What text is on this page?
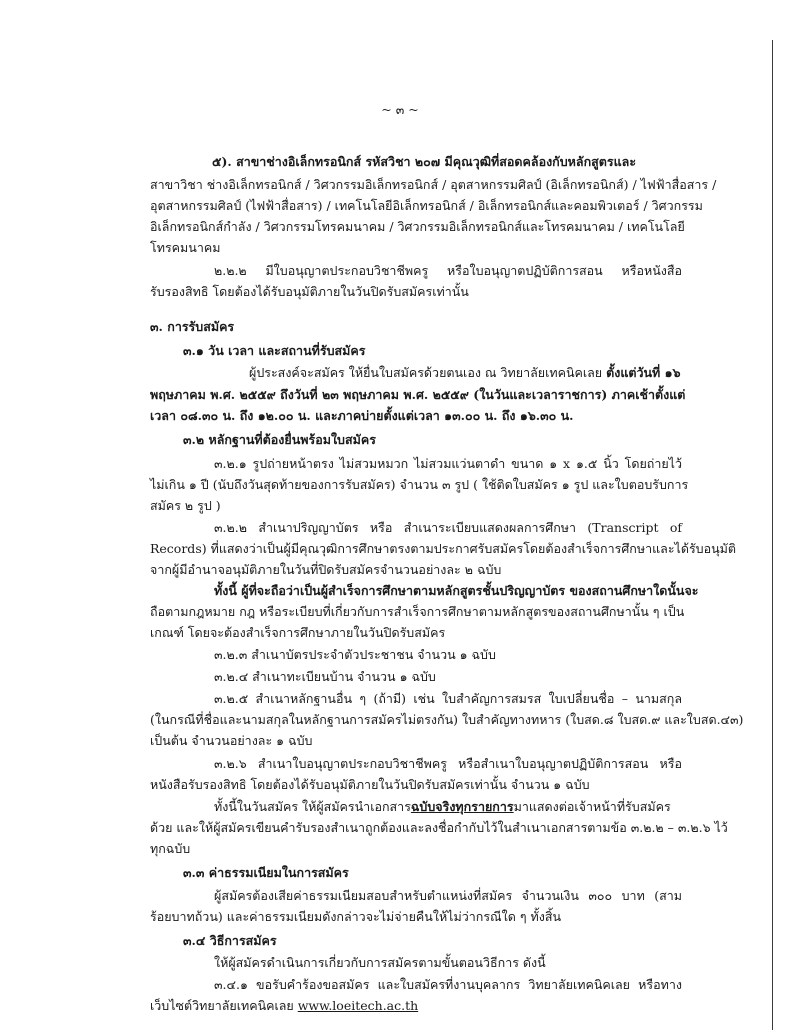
~ ๓ ~
๕). สาขาช่างอิเล็กทรอนิกส์ รหัสวิชา ๒๐๗ มีคุณวุฒิที่สอดคล้องกับหลักสูตรและ
สาขาวิชา ช่างอิเล็กทรอนิกส์ / วิศวกรรมอิเล็กทรอนิกส์ / อุตสาหกรรมศิลป์ (อิเล็กทรอนิกส์) / ไฟฟ้าสื่อสาร /
อุตสาหกรรมศิลป์ (ไฟฟ้าสื่อสาร) / เทคโนโลยีอิเล็กทรอนิกส์ / อิเล็กทรอนิกส์และคอมพิวเตอร์ / วิศวกรรม
อิเล็กทรอนิกส์กำลัง / วิศวกรรมโทรคมนาคม / วิศวกรรมอิเล็กทรอนิกส์และโทรคมนาคม / เทคโนโลยี
โทรคมนาคม
๒.๒.๒ มีใบอนุญาตประกอบวิชาชีพครู หรือใบอนุญาตปฏิบัติการสอน หรือหนังสือ
รับรองสิทธิ โดยต้องได้รับอนุมัติภายในวันปิดรับสมัครเท่านั้น
๓. การรับสมัคร
๓.๑ วัน เวลา และสถานที่รับสมัคร
ผู้ประสงค์จะสมัคร ให้ยื่นใบสมัครด้วยตนเอง ณ วิทยาลัยเทคนิคเลย ตั้งแต่วันที่ ๑๖
พฤษภาคม พ.ศ. ๒๕๕๙ ถึงวันที่ ๒๓ พฤษภาคม พ.ศ. ๒๕๕๙ (ในวันและเวลาราชการ) ภาคเช้าตั้งแต่
เวลา ๐๘.๓๐ น. ถึง ๑๒.๐๐ น. และภาคบ่ายตั้งแต่เวลา ๑๓.๐๐ น. ถึง ๑๖.๓๐ น.
๓.๒ หลักฐานที่ต้องยื่นพร้อมใบสมัคร
๓.๒.๑ รูปถ่ายหน้าตรง ไม่สวมหมวก ไม่สวมแว่นตาดำ ขนาด ๑ x ๑.๕ นิ้ว โดยถ่ายไว้
ไม่เกิน ๑ ปี (นับถึงวันสุดท้ายของการรับสมัคร) จำนวน ๓ รูป ( ใช้ติดใบสมัคร ๑ รูป และใบตอบรับการ
สมัคร ๒ รูป )
๓.๒.๒ สำเนาปริญญาบัตร หรือ สำเนาระเบียบแสดงผลการศึกษา (Transcript of
Records) ที่แสดงว่าเป็นผู้มีคุณวุฒิการศึกษาตรงตามประกาศรับสมัครโดยต้องสำเร็จการศึกษาและได้รับอนุมัติ
จากผู้มีอำนาจอนุมัติภายในวันที่ปิดรับสมัครจำนวนอย่างละ ๒ ฉบับ
ทั้งนี้ ผู้ที่จะถือว่าเป็นผู้สำเร็จการศึกษาตามหลักสูตรชั้นปริญญาบัตร ของสถานศึกษาใดนั้นจะ
ถือตามกฎหมาย กฎ หรือระเบียบที่เกี่ยวกับการสำเร็จการศึกษาตามหลักสูตรของสถานศึกษานั้น ๆ เป็น
เกณฑ์ โดยจะต้องสำเร็จการศึกษาภายในวันปิดรับสมัคร
๓.๒.๓ สำเนาบัตรประจำตัวประชาชน จำนวน ๑ ฉบับ
๓.๒.๔ สำเนาทะเบียนบ้าน จำนวน ๑ ฉบับ
๓.๒.๕ สำเนาหลักฐานอื่น ๆ (ถ้ามี) เช่น ใบสำคัญการสมรส ใบเปลี่ยนชื่อ – นามสกุล
(ในกรณีที่ชื่อและนามสกุลในหลักฐานการสมัครไม่ตรงกัน) ใบสำคัญทางทหาร (ใบสด.๘ ใบสด.๙ และใบสด.๔๓)
เป็นต้น จำนวนอย่างละ ๑ ฉบับ
๓.๒.๖ สำเนาใบอนุญาตประกอบวิชาชีพครู หรือสำเนาใบอนุญาตปฏิบัติการสอน หรือ
หนังสือรับรองสิทธิ โดยต้องได้รับอนุมัติภายในวันปิดรับสมัครเท่านั้น จำนวน ๑ ฉบับ
ทั้งนี้ในวันสมัคร ให้ผู้สมัครนำเอกสารฉบับจริงทุกรายการมาแสดงต่อเจ้าหน้าที่รับสมัคร
ด้วย และให้ผู้สมัครเขียนคำรับรองสำเนาถูกต้องและลงชื่อกำกับไว้ในสำเนาเอกสารตามข้อ ๓.๒.๒ – ๓.๒.๖ ไว้
ทุกฉบับ
๓.๓ ค่าธรรมเนียมในการสมัคร
ผู้สมัครต้องเสียค่าธรรมเนียมสอบสำหรับตำแหน่งที่สมัคร จำนวนเงิน ๓๐๐ บาท (สาม
ร้อยบาทถ้วน) และค่าธรรมเนียมดังกล่าวจะไม่จ่ายคืนให้ไม่ว่ากรณีใด ๆ ทั้งสิ้น
๓.๔ วิธีการสมัคร
ให้ผู้สมัครดำเนินการเกี่ยวกับการสมัครตามขั้นตอนวิธีการ ดังนี้
๓.๔.๑ ขอรับคำร้องขอสมัคร และใบสมัครที่งานบุคลากร วิทยาลัยเทคนิคเลย หรือทาง
เว็บไซต์วิทยาลัยเทคนิคเลย www.loeitech.ac.th
